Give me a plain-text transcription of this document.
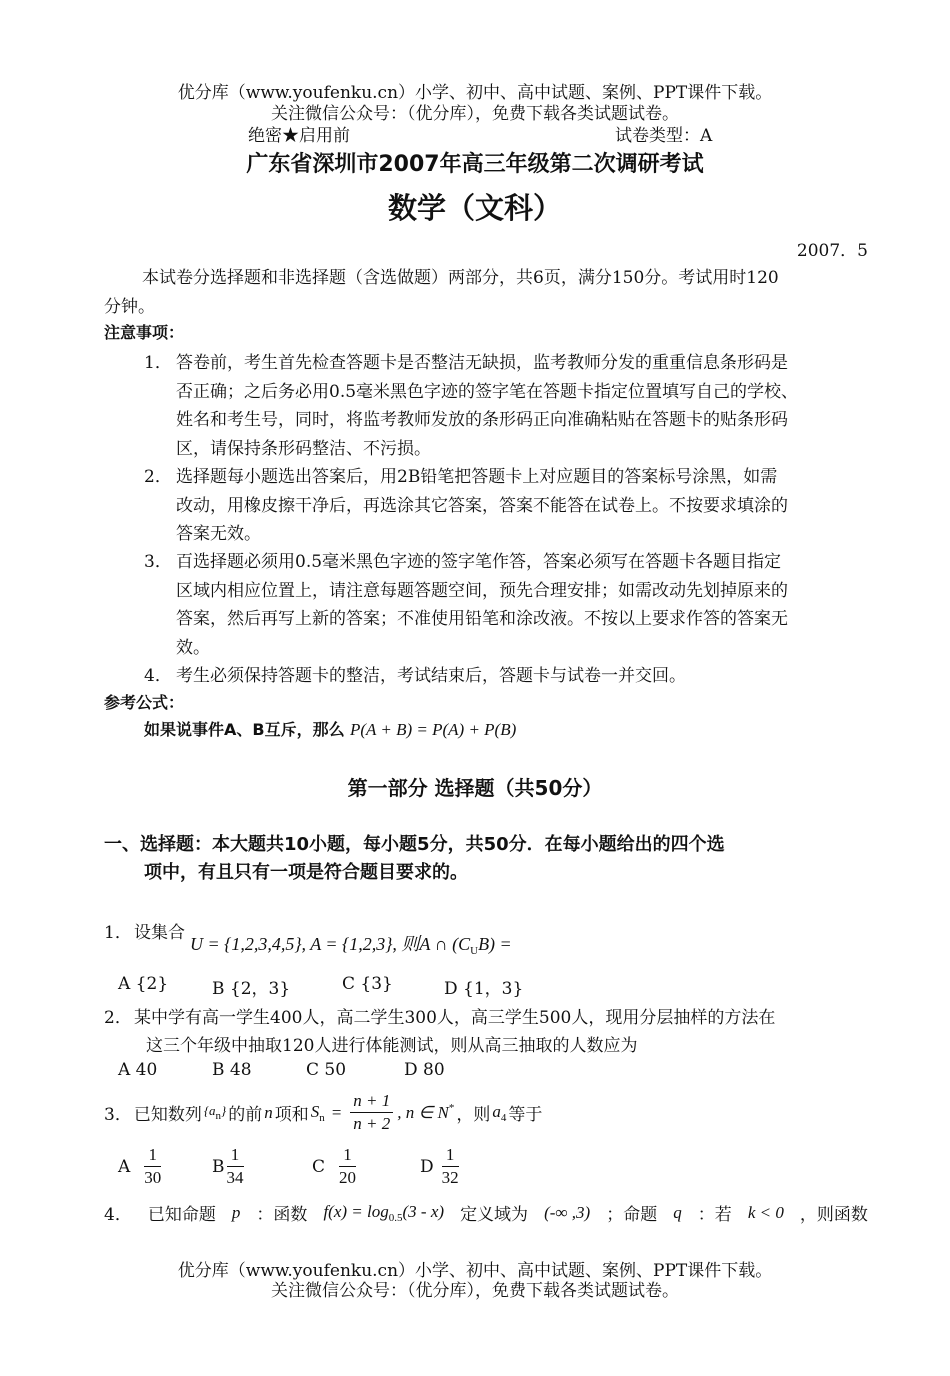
优分库（www.youfenku.cn）小学、初中、高中试题、案例、PPT课件下载。
关注微信公众号：（优分库），免费下载各类试题试卷。
绝密★启用前	试卷类型：A
广东省深圳市2007年高三年级第二次调研考试
数学（文科）
2007．5
本试卷分选择题和非选择题（含选做题）两部分，共6页，满分150分。考试用时120
分钟。
注意事项：
1． 答卷前，考生首先检查答题卡是否整洁无缺损，监考教师分发的重重信息条形码是
否正确；之后务必用0.5毫米黑色字迹的签字笔在答题卡指定位置填写自己的学校、
姓名和考生号，同时，将监考教师发放的条形码正向准确粘贴在答题卡的贴条形码
区，请保持条形码整洁、不污损。
2． 选择题每小题选出答案后，用2B铅笔把答题卡上对应题目的答案标号涂黑，如需
改动，用橡皮擦干净后，再选涂其它答案，答案不能答在试卷上。不按要求填涂的
答案无效。
3． 百选择题必须用0.5毫米黑色字迹的签字笔作答，答案必须写在答题卡各题目指定
区域内相应位置上，请注意每题答题空间，预先合理安排；如需改动先划掉原来的
答案，然后再写上新的答案；不准使用铅笔和涂改液。不按以上要求作答的答案无
效。
4． 考生必须保持答题卡的整洁，考试结束后，答题卡与试卷一并交回。
参考公式：
如果说事件A、B互斥，那么 P(A + B) = P(A) + P(B)
第一部分 选择题（共50分）
一、选择题：本大题共10小题，每小题5分，共50分．在每小题给出的四个选
项中，有且只有一项是符合题目要求的。
1． 设集合
U = {1,2,3,4,5}, A = {1,2,3}, 则A ∩ $(C_UB)$ =
A {2}	B {2，3}	C {3}	D {1，3}
2． 某中学有高一学生400人，高二学生300人，高三学生500人，现用分层抽样的方法在
这三个年级中抽取120人进行体能测试，则从高三抽取的人数应为
A 40	B 48	C 50	D 80
3． 已知数列 $\{a_n\}$ 的前 n 项和 $S_n = \frac{n + 1}{n + 2}$ , n ∈ N* ，则 $a_4$ 等于
A $\frac{1}{30}$	B $\frac{1}{34}$	C $\frac{1}{20}$	D $\frac{1}{32}$
4． 已知命题 p ：函数 $f(x) = \log_{0.5}(3 - x)$ 定义域为 (-∞ ,3) ；命题 q ：若 k < 0 ，则函数
优分库（www.youfenku.cn）小学、初中、高中试题、案例、PPT课件下载。
关注微信公众号：（优分库），免费下载各类试题试卷。
